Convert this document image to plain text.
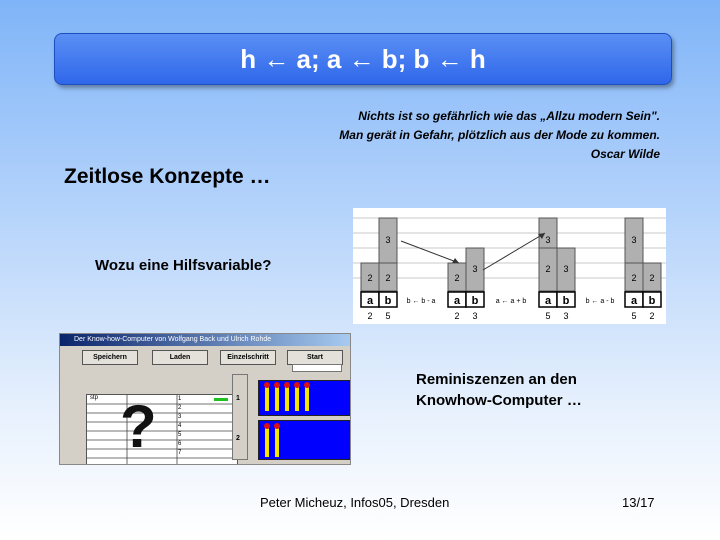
h ← a; a ← b; b ← h
Nichts ist so gefährlich wie das „Allzu modern Sein".
Man gerät in Gefahr, plötzlich aus der Mode zu kommen.
Oscar Wilde
Zeitlose Konzepte …
Wozu eine Hilfsvariable?
2 2
3
2
3
3
3
2
3
2 2
a b	a b	a b	a b
b ← b - a	a ← a + b	b ← a - b
2 5	2 3	5 3	5 2
Der Know-how-Computer von Wolfgang Back und Ulrich Rohde
Speichern	Laden	Einzelschritt	Start
stp	1
2
3
4
5
6
7
?	1
2
Reminiszenzen an den
Knowhow-Computer …
Peter Micheuz, Infos05, Dresden	13/17
